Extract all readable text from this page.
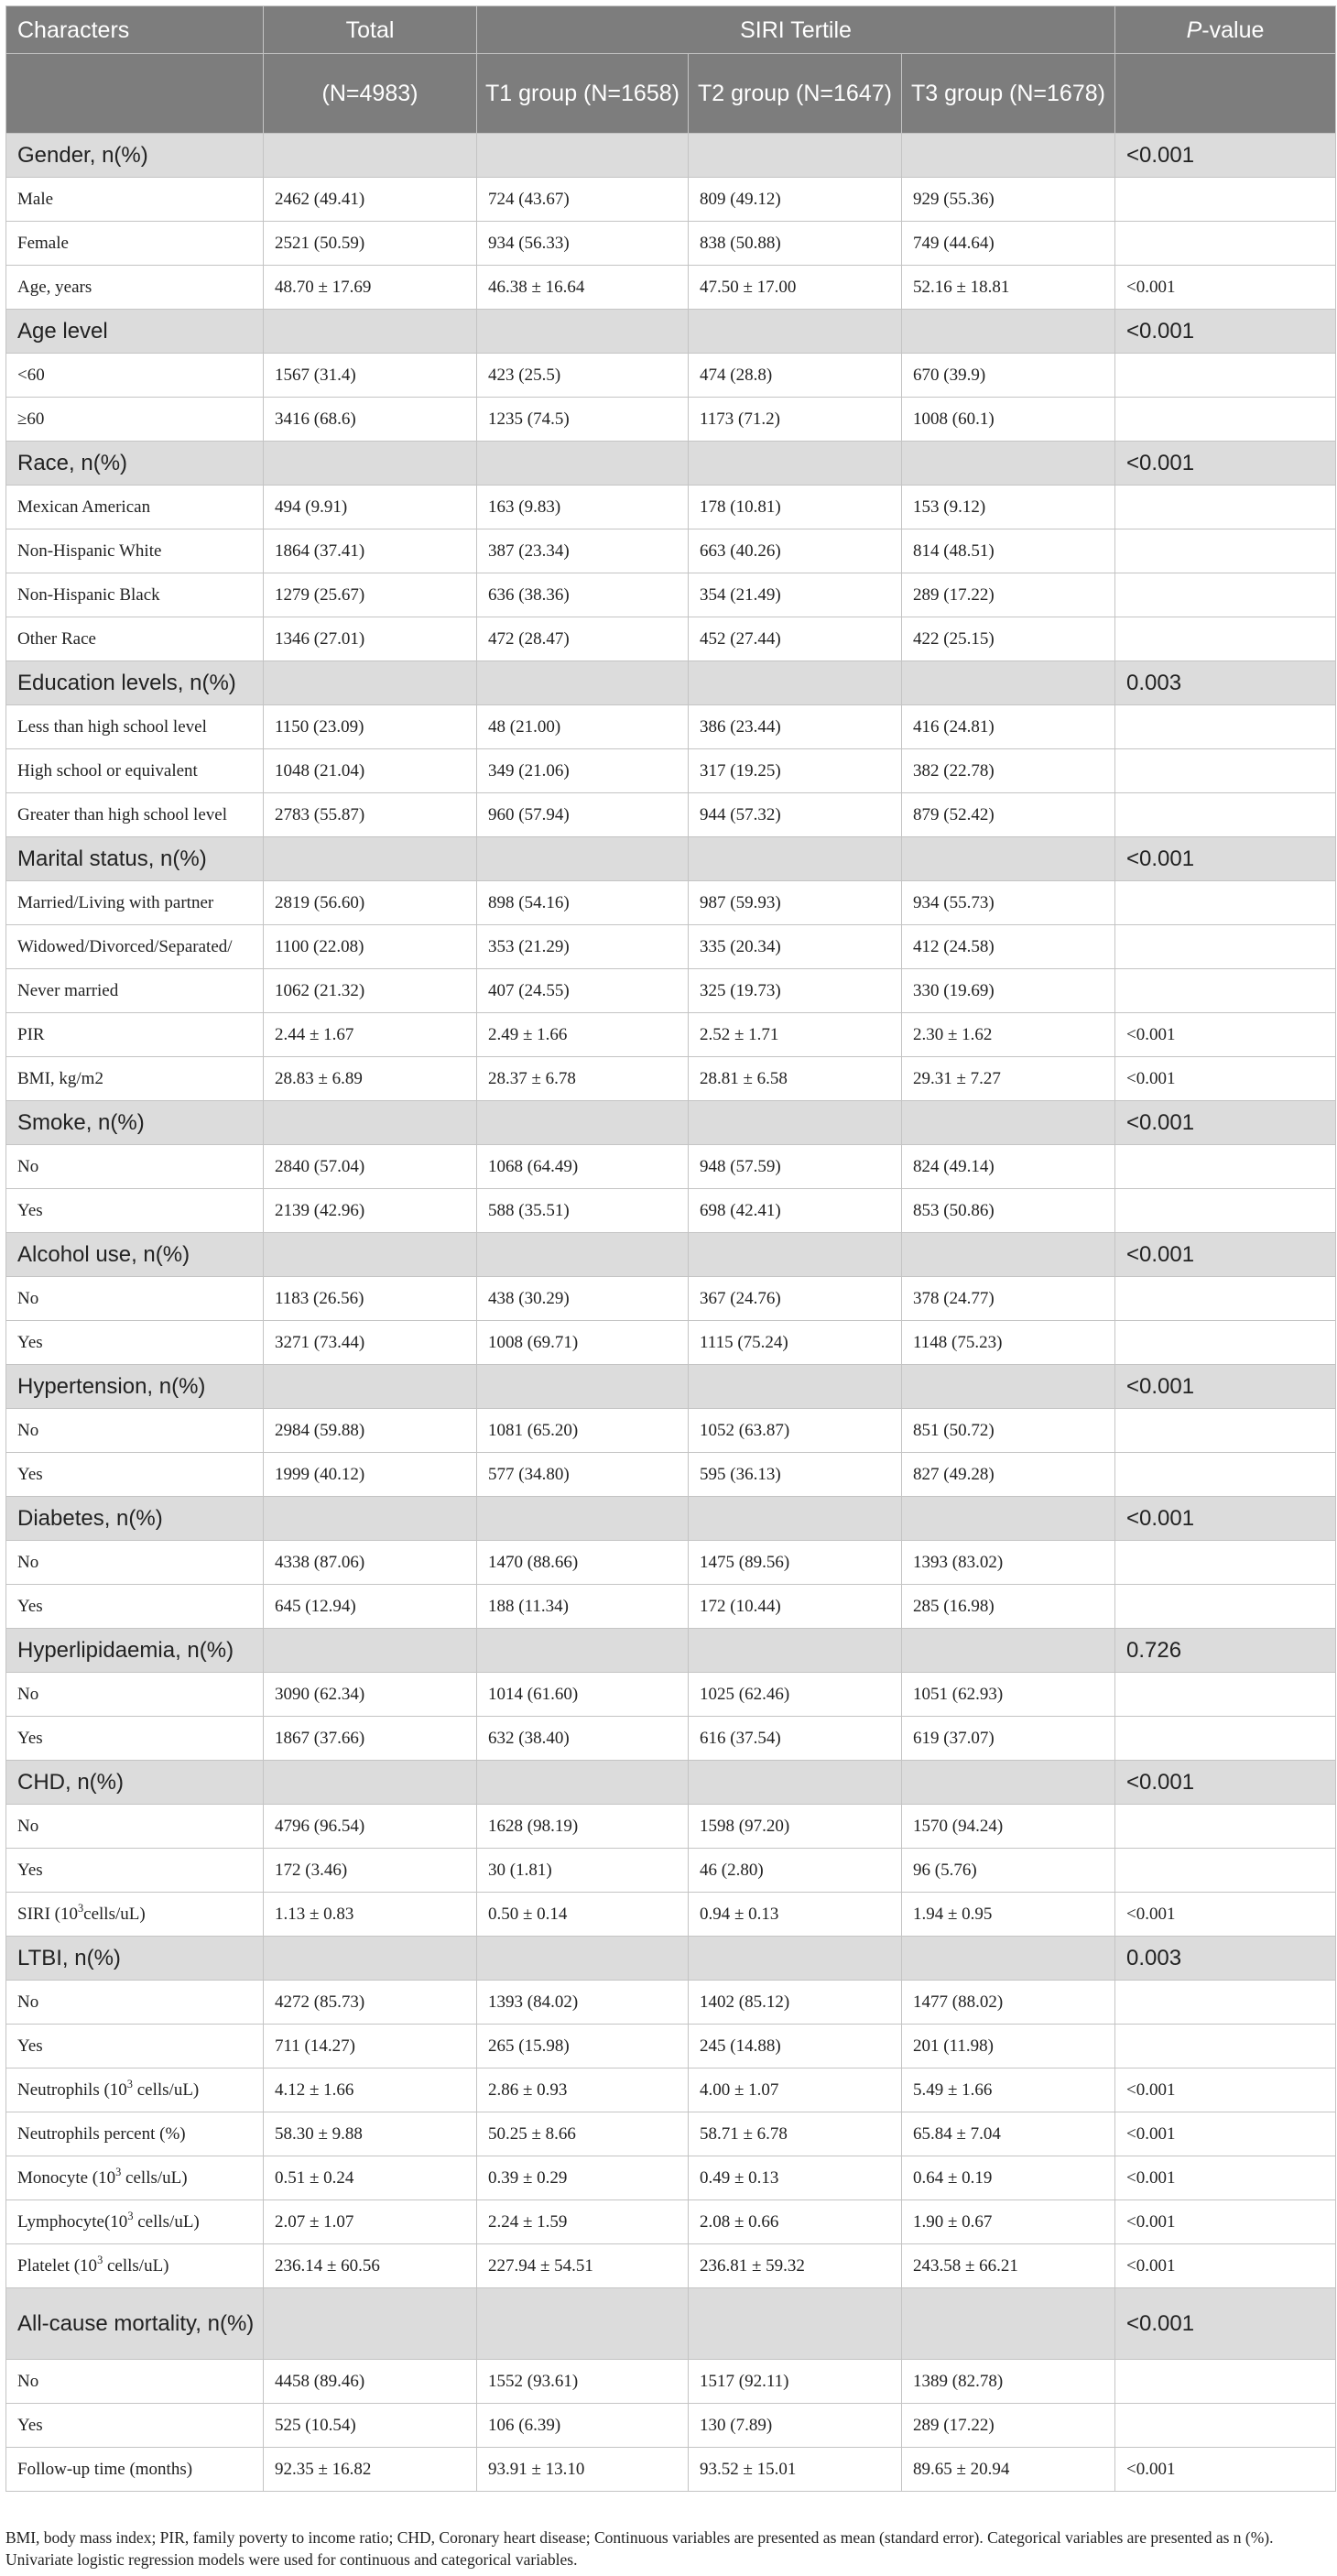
Characters	Total	SIRI Tertile			P-value
	(N=4983)	T1 group (N=1658)	T2 group (N=1647)	T3 group (N=1678)	
Gender, n(%)					<0.001
Male	2462 (49.41)	724 (43.67)	809 (49.12)	929 (55.36)	
Female	2521 (50.59)	934 (56.33)	838 (50.88)	749 (44.64)	
Age, years	48.70 ± 17.69	46.38 ± 16.64	47.50 ± 17.00	52.16 ± 18.81	<0.001
Age level					<0.001
<60	1567 (31.4)	423 (25.5)	474 (28.8)	670 (39.9)	
≥60	3416 (68.6)	1235 (74.5)	1173 (71.2)	1008 (60.1)	
Race, n(%)					<0.001
Mexican American	494 (9.91)	163 (9.83)	178 (10.81)	153 (9.12)	
Non-Hispanic White	1864 (37.41)	387 (23.34)	663 (40.26)	814 (48.51)	
Non-Hispanic Black	1279 (25.67)	636 (38.36)	354 (21.49)	289 (17.22)	
Other Race	1346 (27.01)	472 (28.47)	452 (27.44)	422 (25.15)	
Education levels, n(%)					0.003
Less than high school level	1150 (23.09)	48 (21.00)	386 (23.44)	416 (24.81)	
High school or equivalent	1048 (21.04)	349 (21.06)	317 (19.25)	382 (22.78)	
Greater than high school level	2783 (55.87)	960 (57.94)	944 (57.32)	879 (52.42)	
Marital status, n(%)					<0.001
Married/Living with partner	2819 (56.60)	898 (54.16)	987 (59.93)	934 (55.73)	
Widowed/Divorced/Separated/	1100 (22.08)	353 (21.29)	335 (20.34)	412 (24.58)	
Never married	1062 (21.32)	407 (24.55)	325 (19.73)	330 (19.69)	
PIR	2.44 ± 1.67	2.49 ± 1.66	2.52 ± 1.71	2.30 ± 1.62	<0.001
BMI, kg/m2	28.83 ± 6.89	28.37 ± 6.78	28.81 ± 6.58	29.31 ± 7.27	<0.001
Smoke, n(%)					<0.001
No	2840 (57.04)	1068 (64.49)	948 (57.59)	824 (49.14)	
Yes	2139 (42.96)	588 (35.51)	698 (42.41)	853 (50.86)	
Alcohol use, n(%)					<0.001
No	1183 (26.56)	438 (30.29)	367 (24.76)	378 (24.77)	
Yes	3271 (73.44)	1008 (69.71)	1115 (75.24)	1148 (75.23)	
Hypertension, n(%)					<0.001
No	2984 (59.88)	1081 (65.20)	1052 (63.87)	851 (50.72)	
Yes	1999 (40.12)	577 (34.80)	595 (36.13)	827 (49.28)	
Diabetes, n(%)					<0.001
No	4338 (87.06)	1470 (88.66)	1475 (89.56)	1393 (83.02)	
Yes	645 (12.94)	188 (11.34)	172 (10.44)	285 (16.98)	
Hyperlipidaemia, n(%)					0.726
No	3090 (62.34)	1014 (61.60)	1025 (62.46)	1051 (62.93)	
Yes	1867 (37.66)	632 (38.40)	616 (37.54)	619 (37.07)	
CHD, n(%)					<0.001
No	4796 (96.54)	1628 (98.19)	1598 (97.20)	1570 (94.24)	
Yes	172 (3.46)	30 (1.81)	46 (2.80)	96 (5.76)	
SIRI $(10^3cells/uL)$	1.13 ± 0.83	0.50 ± 0.14	0.94 ± 0.13	1.94 ± 0.95	<0.001
LTBI, n(%)					0.003
No	4272 (85.73)	1393 (84.02)	1402 (85.12)	1477 (88.02)	
Yes	711 (14.27)	265 (15.98)	245 (14.88)	201 (11.98)	
Neutrophils ($10^3$ cells/uL)	4.12 ± 1.66	2.86 ± 0.93	4.00 ± 1.07	5.49 ± 1.66	<0.001
Neutrophils percent (%)	58.30 ± 9.88	50.25 ± 8.66	58.71 ± 6.78	65.84 ± 7.04	<0.001
Monocyte ($10^3$ cells/uL)	0.51 ± 0.24	0.39 ± 0.29	0.49 ± 0.13	0.64 ± 0.19	<0.001
$Lymphocyte(10^3$ cells/uL)	2.07 ± 1.07	2.24 ± 1.59	2.08 ± 0.66	1.90 ± 0.67	<0.001
Platelet ($10^3$ cells/uL)	236.14 ± 60.56	227.94 ± 54.51	236.81 ± 59.32	243.58 ± 66.21	<0.001
All-cause mortality, n(%)					<0.001
No	4458 (89.46)	1552 (93.61)	1517 (92.11)	1389 (82.78)	
Yes	525 (10.54)	106 (6.39)	130 (7.89)	289 (17.22)	
Follow-up time (months)	92.35 ± 16.82	93.91 ± 13.10	93.52 ± 15.01	89.65 ± 20.94	<0.001
BMI, body mass index; PIR, family poverty to income ratio; CHD, Coronary heart disease; Continuous variables are presented as mean (standard error). Categorical variables are presented as n (%). Univariate logistic regression models were used for continuous and categorical variables.
